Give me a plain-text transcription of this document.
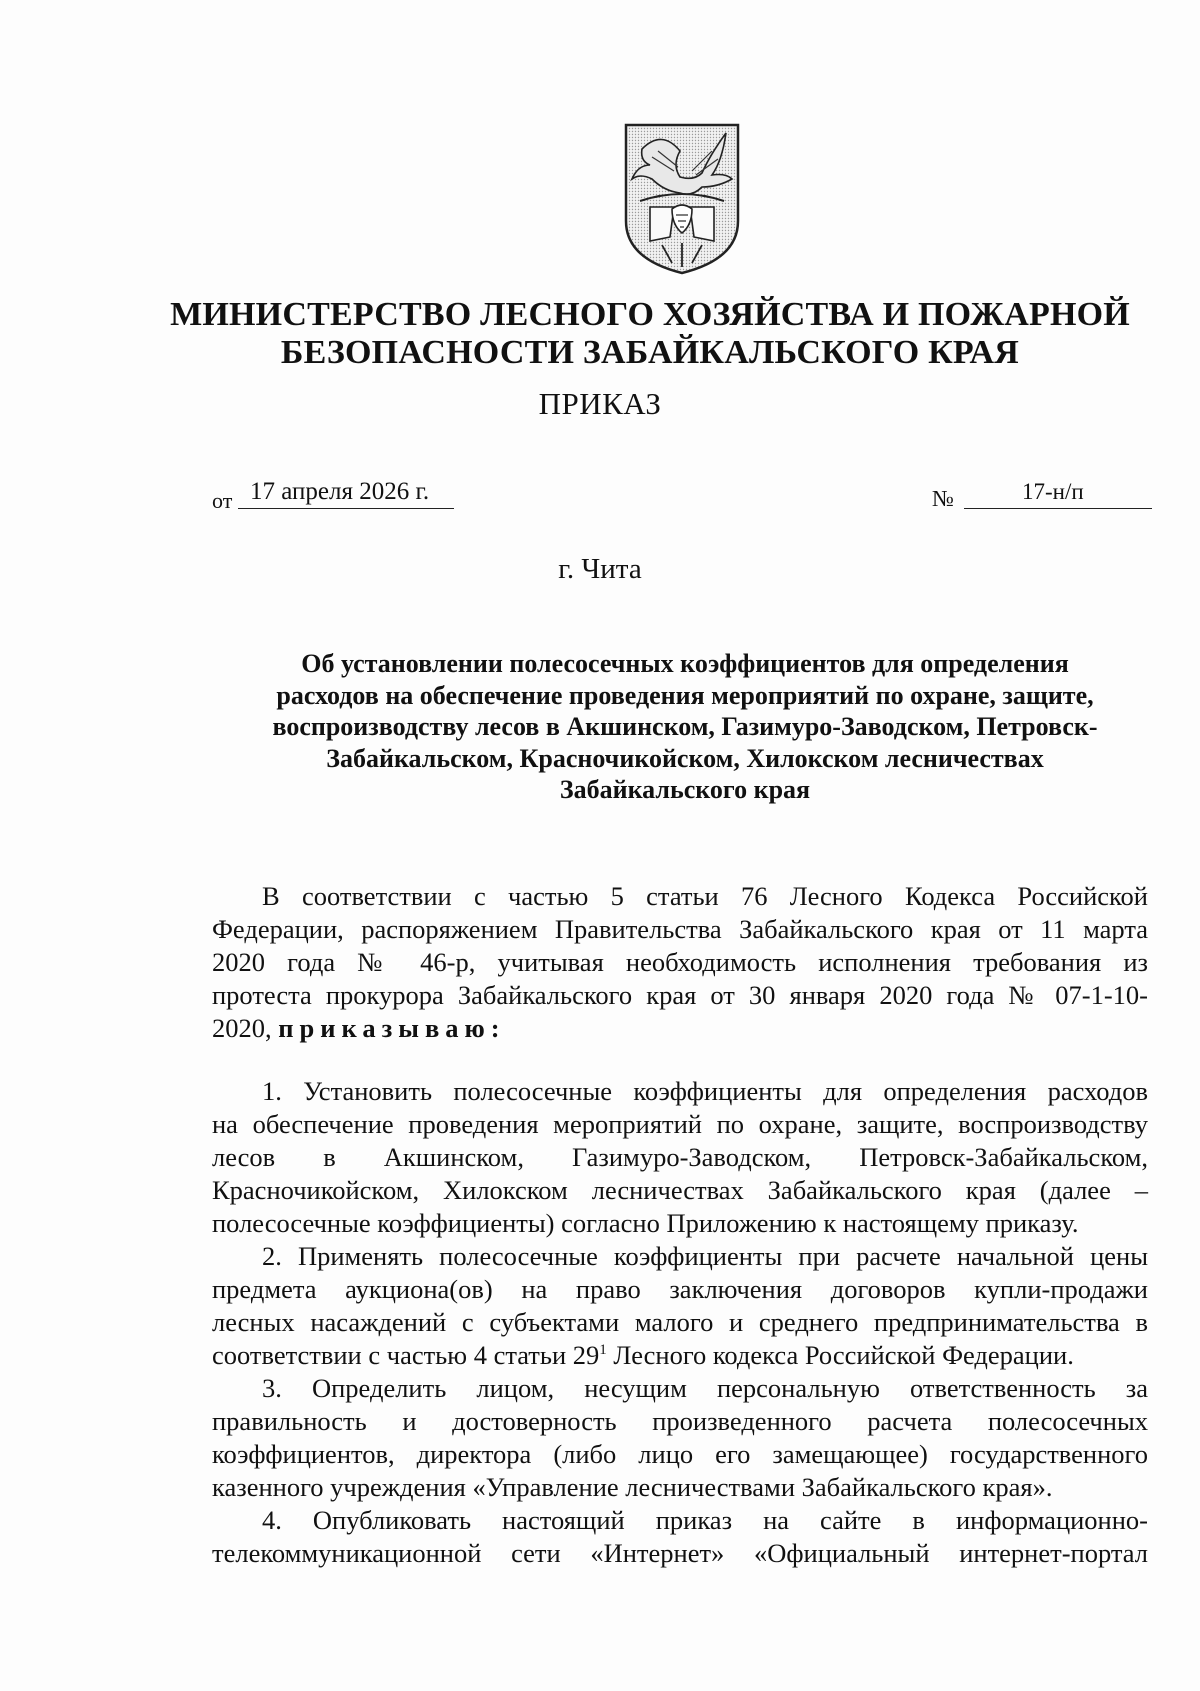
МИНИСТЕРСТВО ЛЕСНОГО ХОЗЯЙСТВА И ПОЖАРНОЙ
БЕЗОПАСНОСТИ ЗАБАЙКАЛЬСКОГО КРАЯ
ПРИКАЗ
от 17 апреля 2026 г.	№	17-н/п
г. Чита
Об установлении полесосечных коэффициентов для определения
расходов на обеспечение проведения мероприятий по охране, защите,
воспроизводству лесов в Акшинском, Газимуро-Заводском, Петровск-
Забайкальском, Красночикойском, Хилокском лесничествах
Забайкальского края
В соответствии с частью 5 статьи 76 Лесного Кодекса Российской
Федерации, распоряжением Правительства Забайкальского края от 11 марта
2020 года № 46-р, учитывая необходимость исполнения требования из
протеста прокурора Забайкальского края от 30 января 2020 года № 07-1-10-
2020, приказываю:
1. Установить полесосечные коэффициенты для определения расходов
на обеспечение проведения мероприятий по охране, защите, воспроизводству
лесов в Акшинском, Газимуро-Заводском, Петровск-Забайкальском,
Красночикойском, Хилокском лесничествах Забайкальского края (далее –
полесосечные коэффициенты) согласно Приложению к настоящему приказу.
2. Применять полесосечные коэффициенты при расчете начальной цены
предмета аукциона(ов) на право заключения договоров купли-продажи
лесных насаждений с субъектами малого и среднего предпринимательства в
соответствии с частью 4 статьи $29^1$ Лесного кодекса Российской Федерации.
3. Определить лицом, несущим персональную ответственность за
правильность и достоверность произведенного расчета полесосечных
коэффициентов, директора (либо лицо его замещающее) государственного
казенного учреждения «Управление лесничествами Забайкальского края».
4. Опубликовать настоящий приказ на сайте в информационно-
телекоммуникационной сети «Интернет» «Официальный интернет-портал
